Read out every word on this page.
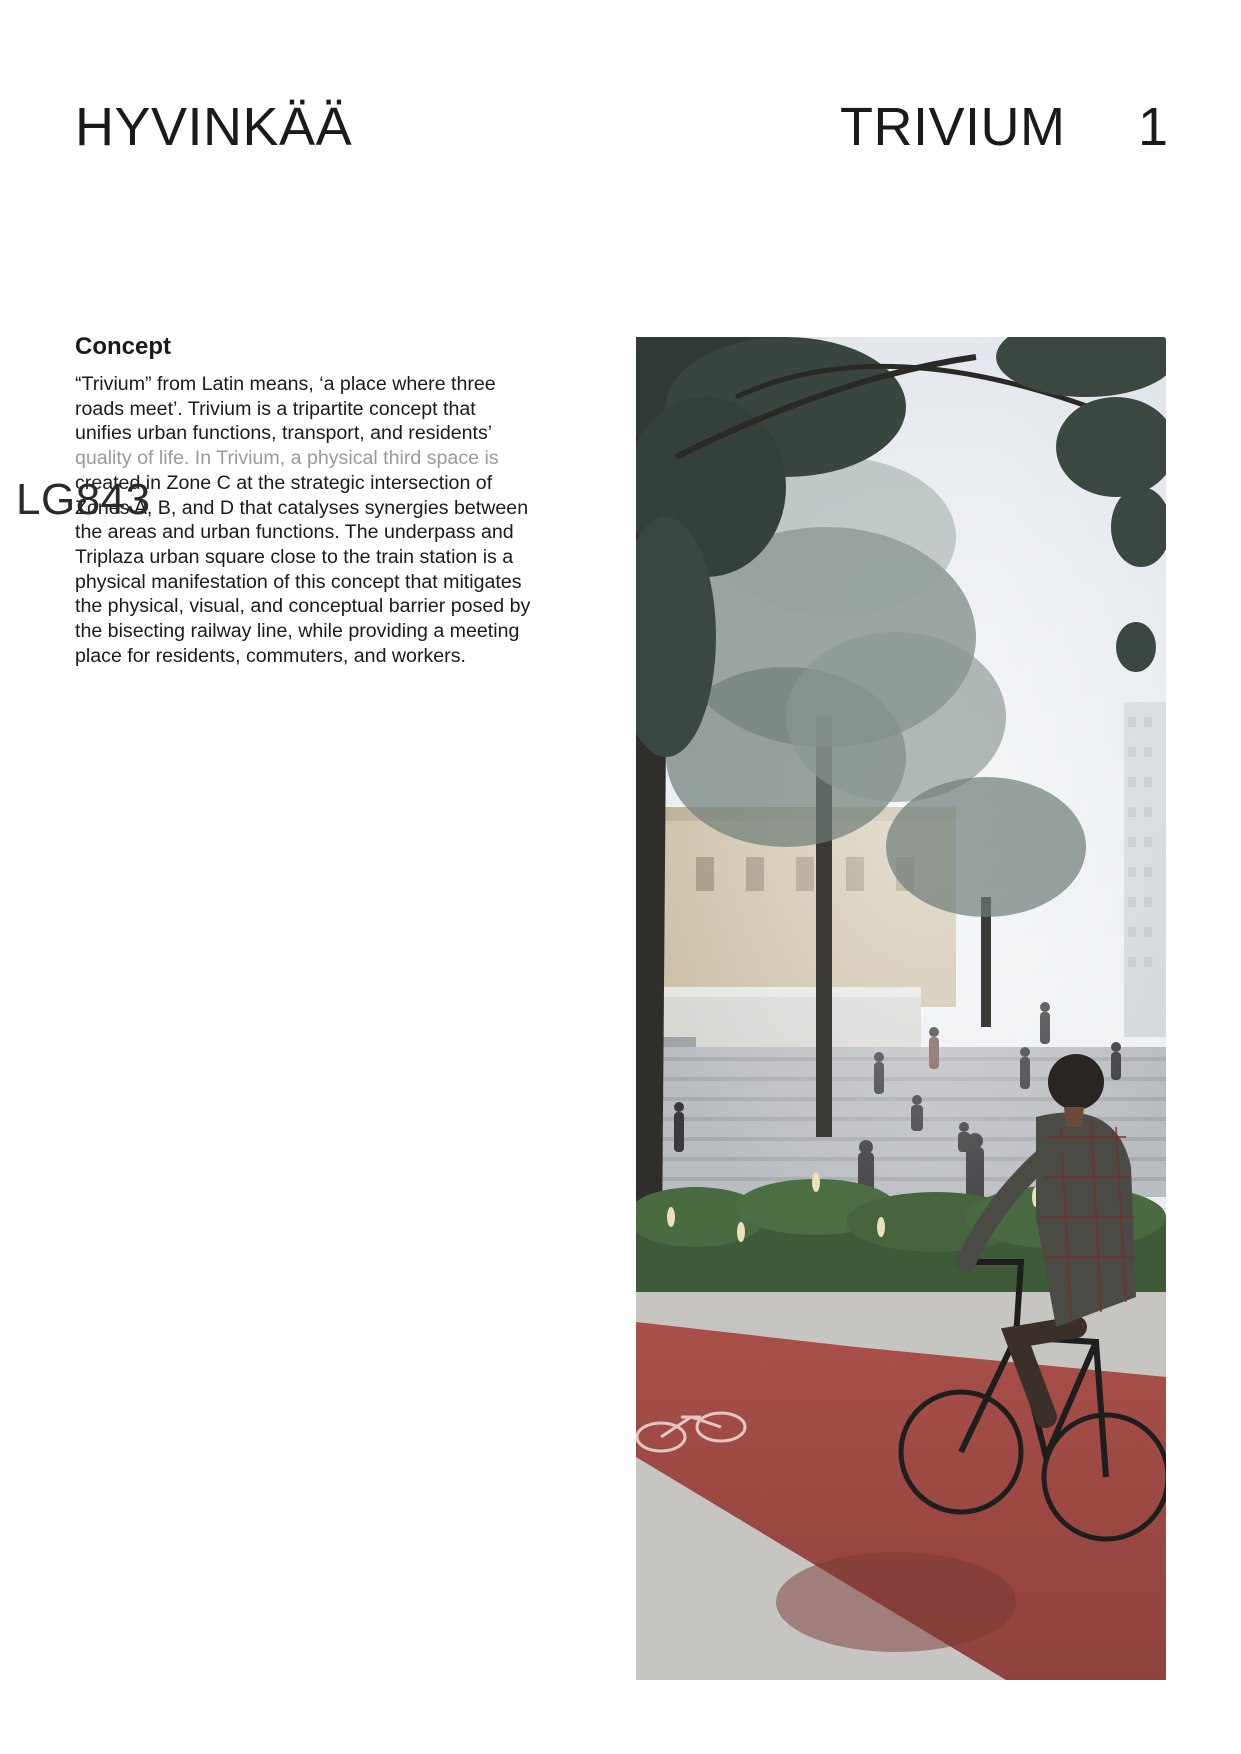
HYVINKÄÄ	TRIVIUM 1
Concept

“Trivium” from Latin means, ‘a place where three
roads meet’. Trivium is a tripartite concept that
unifies urban functions, transport, and residents’
quality of life. In Trivium, a physical third space is
created in Zone C at the strategic intersection of
Zones A, B, and D that catalyses synergies between
the areas and urban functions. The underpass and
Triplaza urban square close to the train station is a
physical manifestation of this concept that mitigates
the physical, visual, and conceptual barrier posed by
the bisecting railway line, while providing a meeting
place for residents, commuters, and workers.

LG843
